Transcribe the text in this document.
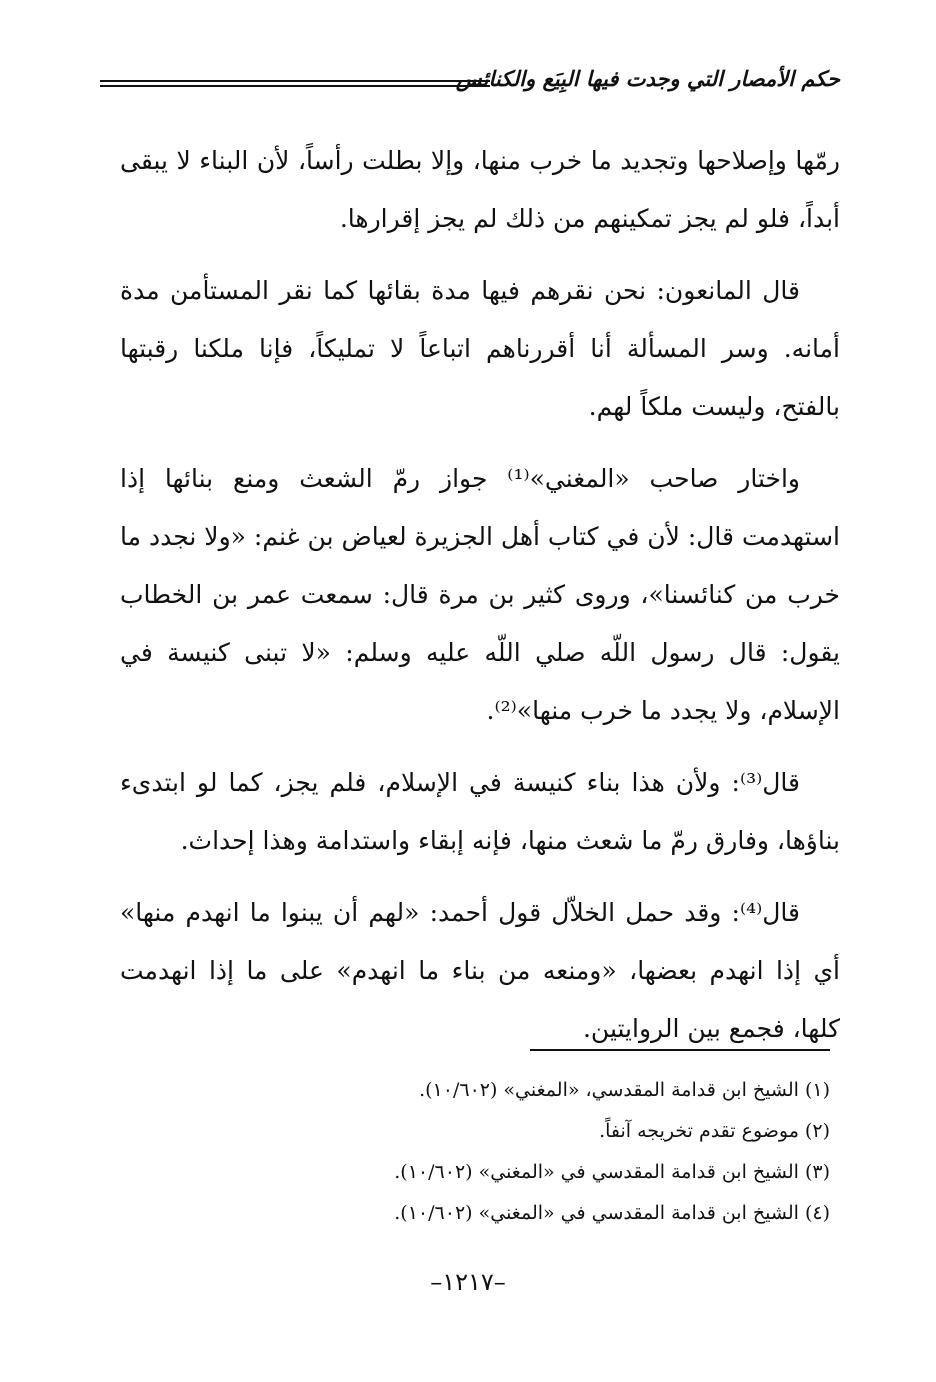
حكم الأمصار التي وجدت فيها البِيَع والكنائس

رمّها وإصلاحها وتجديد ما خرب منها، وإلا بطلت رأساً، لأن البناء لا يبقى أبداً، فلو لم يجز تمكينهم من ذلك لم يجز إقرارها.

قال المانعون: نحن نقرهم فيها مدة بقائها كما نقر المستأمن مدة أمانه. وسر المسألة أنا أقررناهم اتباعاً لا تمليكاً، فإنا ملكنا رقبتها بالفتح، وليست ملكاً لهم.

واختار صاحب «المغني»⁽¹⁾ جواز رمّ الشعث ومنع بنائها إذا استهدمت قال: لأن في كتاب أهل الجزيرة لعياض بن غنم: «ولا نجدد ما خرب من كنائسنا»، وروى كثير بن مرة قال: سمعت عمر بن الخطاب يقول: قال رسول اللّه صلي اللّه عليه وسلم: «لا تبنى كنيسة في الإسلام، ولا يجدد ما خرب منها»⁽²⁾.

قال⁽³⁾: ولأن هذا بناء كنيسة في الإسلام، فلم يجز، كما لو ابتدىء بناؤها، وفارق رمّ ما شعث منها، فإنه إبقاء واستدامة وهذا إحداث.

قال⁽⁴⁾: وقد حمل الخلاّل قول أحمد: «لهم أن يبنوا ما انهدم منها» أي إذا انهدم بعضها، «ومنعه من بناء ما انهدم» على ما إذا انهدمت كلها، فجمع بين الروايتين.

(١) الشيخ ابن قدامة المقدسي، «المغني» (١٠/٦٠٢).

(٢) موضوع تقدم تخريجه آنفاً.

(٣) الشيخ ابن قدامة المقدسي في «المغني» (١٠/٦٠٢).

(٤) الشيخ ابن قدامة المقدسي في «المغني» (١٠/٦٠٢).

–١٢١٧–
